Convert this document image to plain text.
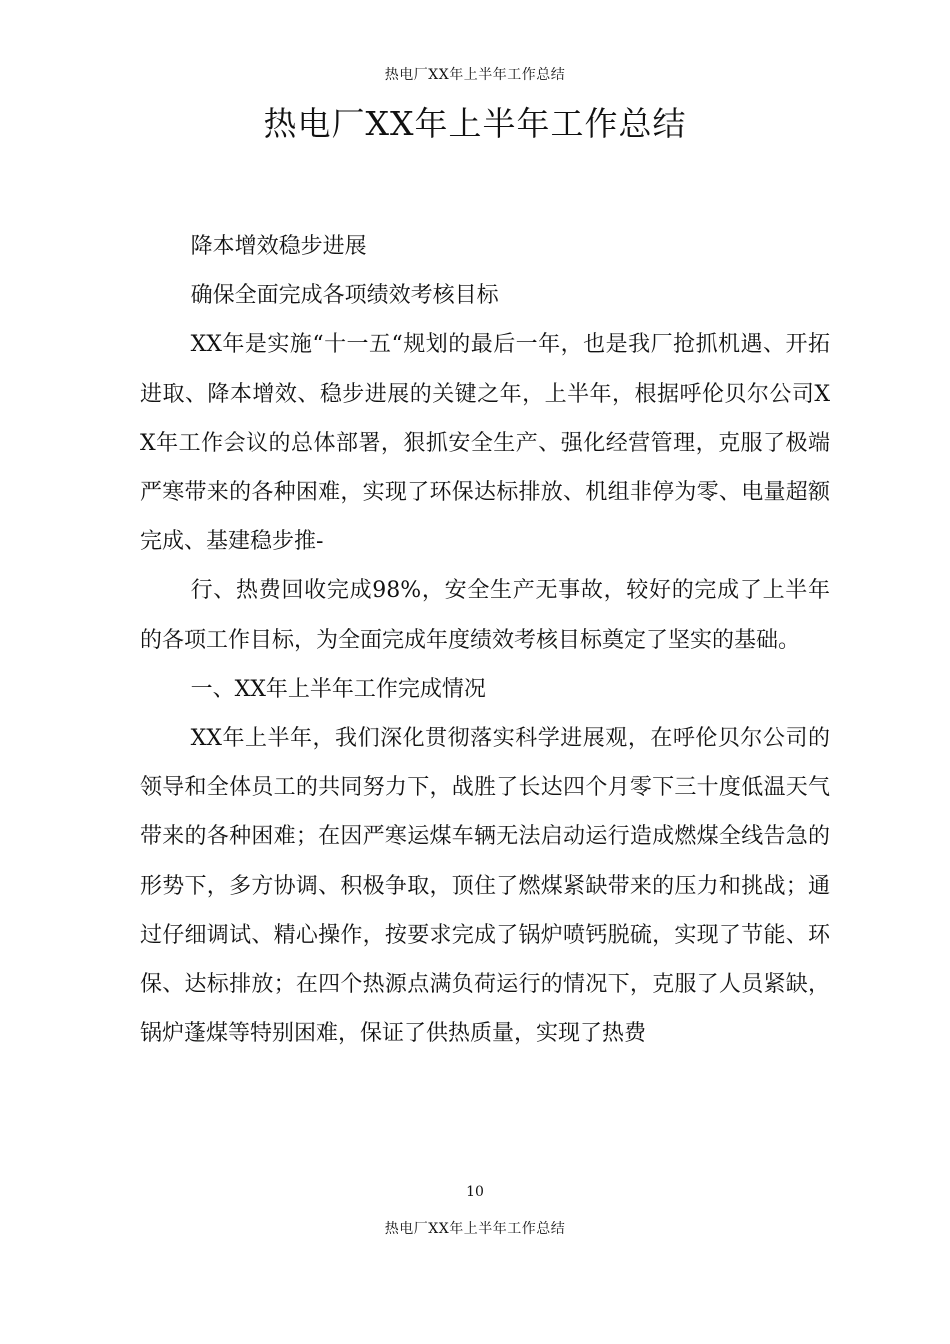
热电厂XX年上半年工作总结
热电厂XX年上半年工作总结

降本增效稳步进展

确保全面完成各项绩效考核目标

XX年是实施“十一五“规划的最后一年，也是我厂抢抓机遇、开拓进取、降本增效、稳步进展的关键之年，上半年，根据呼伦贝尔公司XX年工作会议的总体部署，狠抓安全生产、强化经营管理，克服了极端严寒带来的各种困难，实现了环保达标排放、机组非停为零、电量超额完成、基建稳步推-

行、热费回收完成98%，安全生产无事故，较好的完成了上半年的各项工作目标，为全面完成年度绩效考核目标奠定了坚实的基础。

一、XX年上半年工作完成情况

XX年上半年，我们深化贯彻落实科学进展观，在呼伦贝尔公司的领导和全体员工的共同努力下，战胜了长达四个月零下三十度低温天气带来的各种困难；在因严寒运煤车辆无法启动运行造成燃煤全线告急的形势下，多方协调、积极争取，顶住了燃煤紧缺带来的压力和挑战；通过仔细调试、精心操作，按要求完成了锅炉喷钙脱硫，实现了节能、环保、达标排放；在四个热源点满负荷运行的情况下，克服了人员紧缺，锅炉蓬煤等特别困难，保证了供热质量，实现了热费

10
热电厂XX年上半年工作总结
